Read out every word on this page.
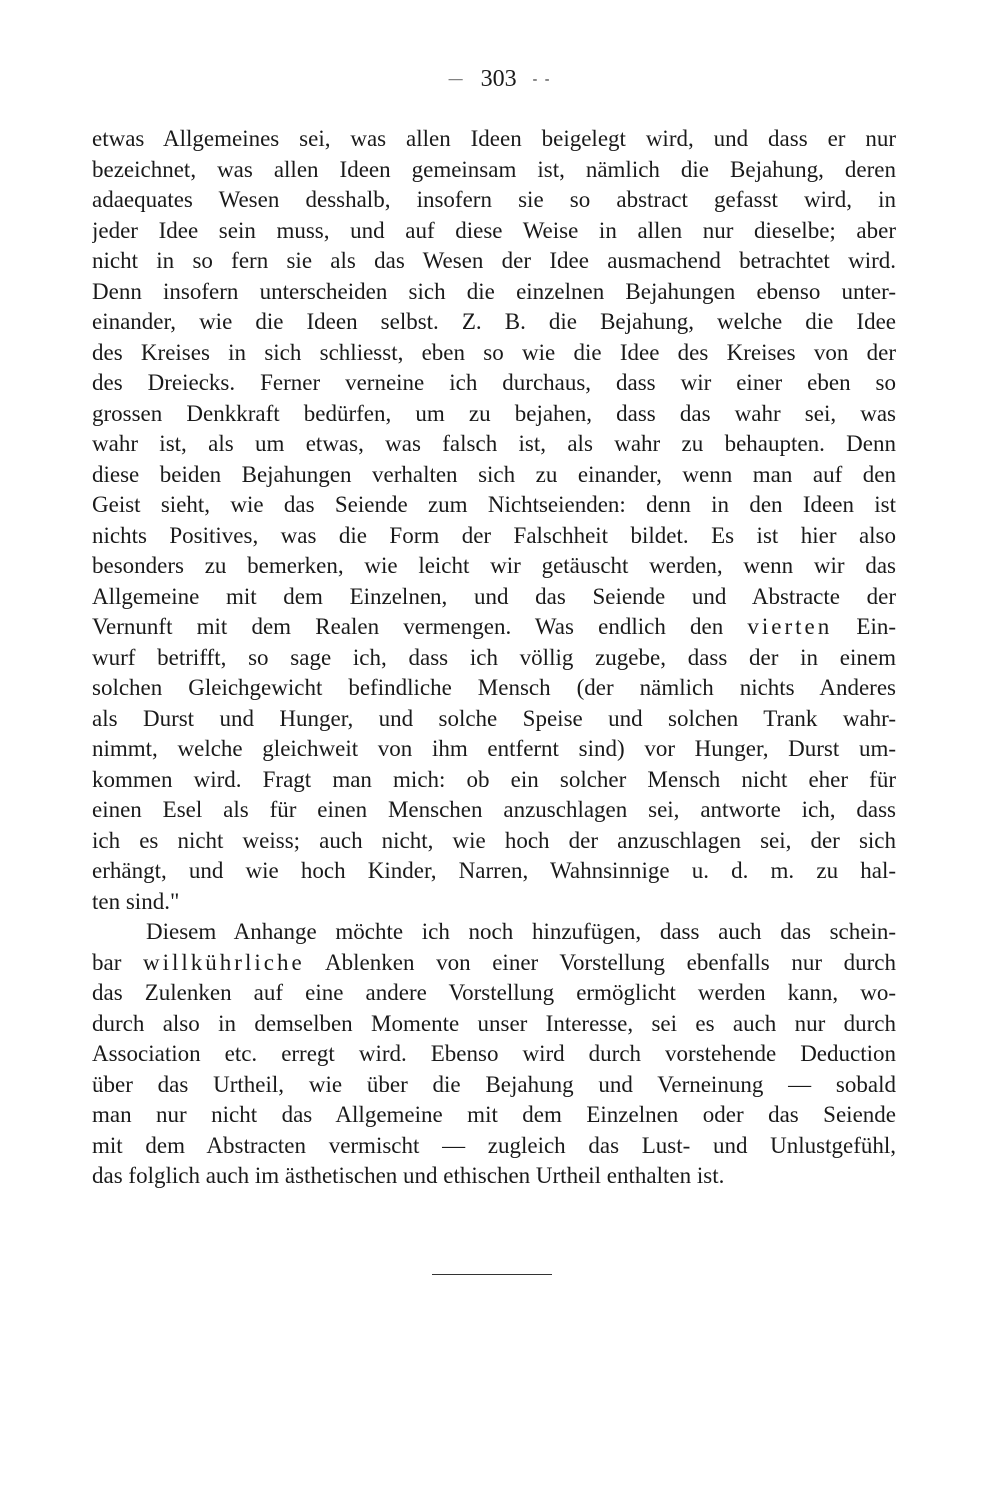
— 303 - -
etwas Allgemeines sei, was allen Ideen beigelegt wird, und dass er nur
bezeichnet, was allen Ideen gemeinsam ist, nämlich die Bejahung, deren
adaequates Wesen desshalb, insofern sie so abstract gefasst wird, in
jeder Idee sein muss, und auf diese Weise in allen nur dieselbe; aber
nicht in so fern sie als das Wesen der Idee ausmachend betrachtet wird.
Denn insofern unterscheiden sich die einzelnen Bejahungen ebenso unter-
einander, wie die Ideen selbst. Z. B. die Bejahung, welche die Idee
des Kreises in sich schliesst, eben so wie die Idee des Kreises von der
des Dreiecks. Ferner verneine ich durchaus, dass wir einer eben so
grossen Denkkraft bedürfen, um zu bejahen, dass das wahr sei, was
wahr ist, als um etwas, was falsch ist, als wahr zu behaupten. Denn
diese beiden Bejahungen verhalten sich zu einander, wenn man auf den
Geist sieht, wie das Seiende zum Nichtseienden: denn in den Ideen ist
nichts Positives, was die Form der Falschheit bildet. Es ist hier also
besonders zu bemerken, wie leicht wir getäuscht werden, wenn wir das
Allgemeine mit dem Einzelnen, und das Seiende und Abstracte der
Vernunft mit dem Realen vermengen. Was endlich den vierten Ein-
wurf betrifft, so sage ich, dass ich völlig zugebe, dass der in einem
solchen Gleichgewicht befindliche Mensch (der nämlich nichts Anderes
als Durst und Hunger, und solche Speise und solchen Trank wahr-
nimmt, welche gleichweit von ihm entfernt sind) vor Hunger, Durst um-
kommen wird. Fragt man mich: ob ein solcher Mensch nicht eher für
einen Esel als für einen Menschen anzuschlagen sei, antworte ich, dass
ich es nicht weiss; auch nicht, wie hoch der anzuschlagen sei, der sich
erhängt, und wie hoch Kinder, Narren, Wahnsinnige u. d. m. zu hal-
ten sind."
Diesem Anhange möchte ich noch hinzufügen, dass auch das schein-
bar willkührliche Ablenken von einer Vorstellung ebenfalls nur durch
das Zulenken auf eine andere Vorstellung ermöglicht werden kann, wo-
durch also in demselben Momente unser Interesse, sei es auch nur durch
Association etc. erregt wird. Ebenso wird durch vorstehende Deduction
über das Urtheil, wie über die Bejahung und Verneinung — sobald
man nur nicht das Allgemeine mit dem Einzelnen oder das Seiende
mit dem Abstracten vermischt — zugleich das Lust- und Unlustgefühl,
das folglich auch im ästhetischen und ethischen Urtheil enthalten ist.
